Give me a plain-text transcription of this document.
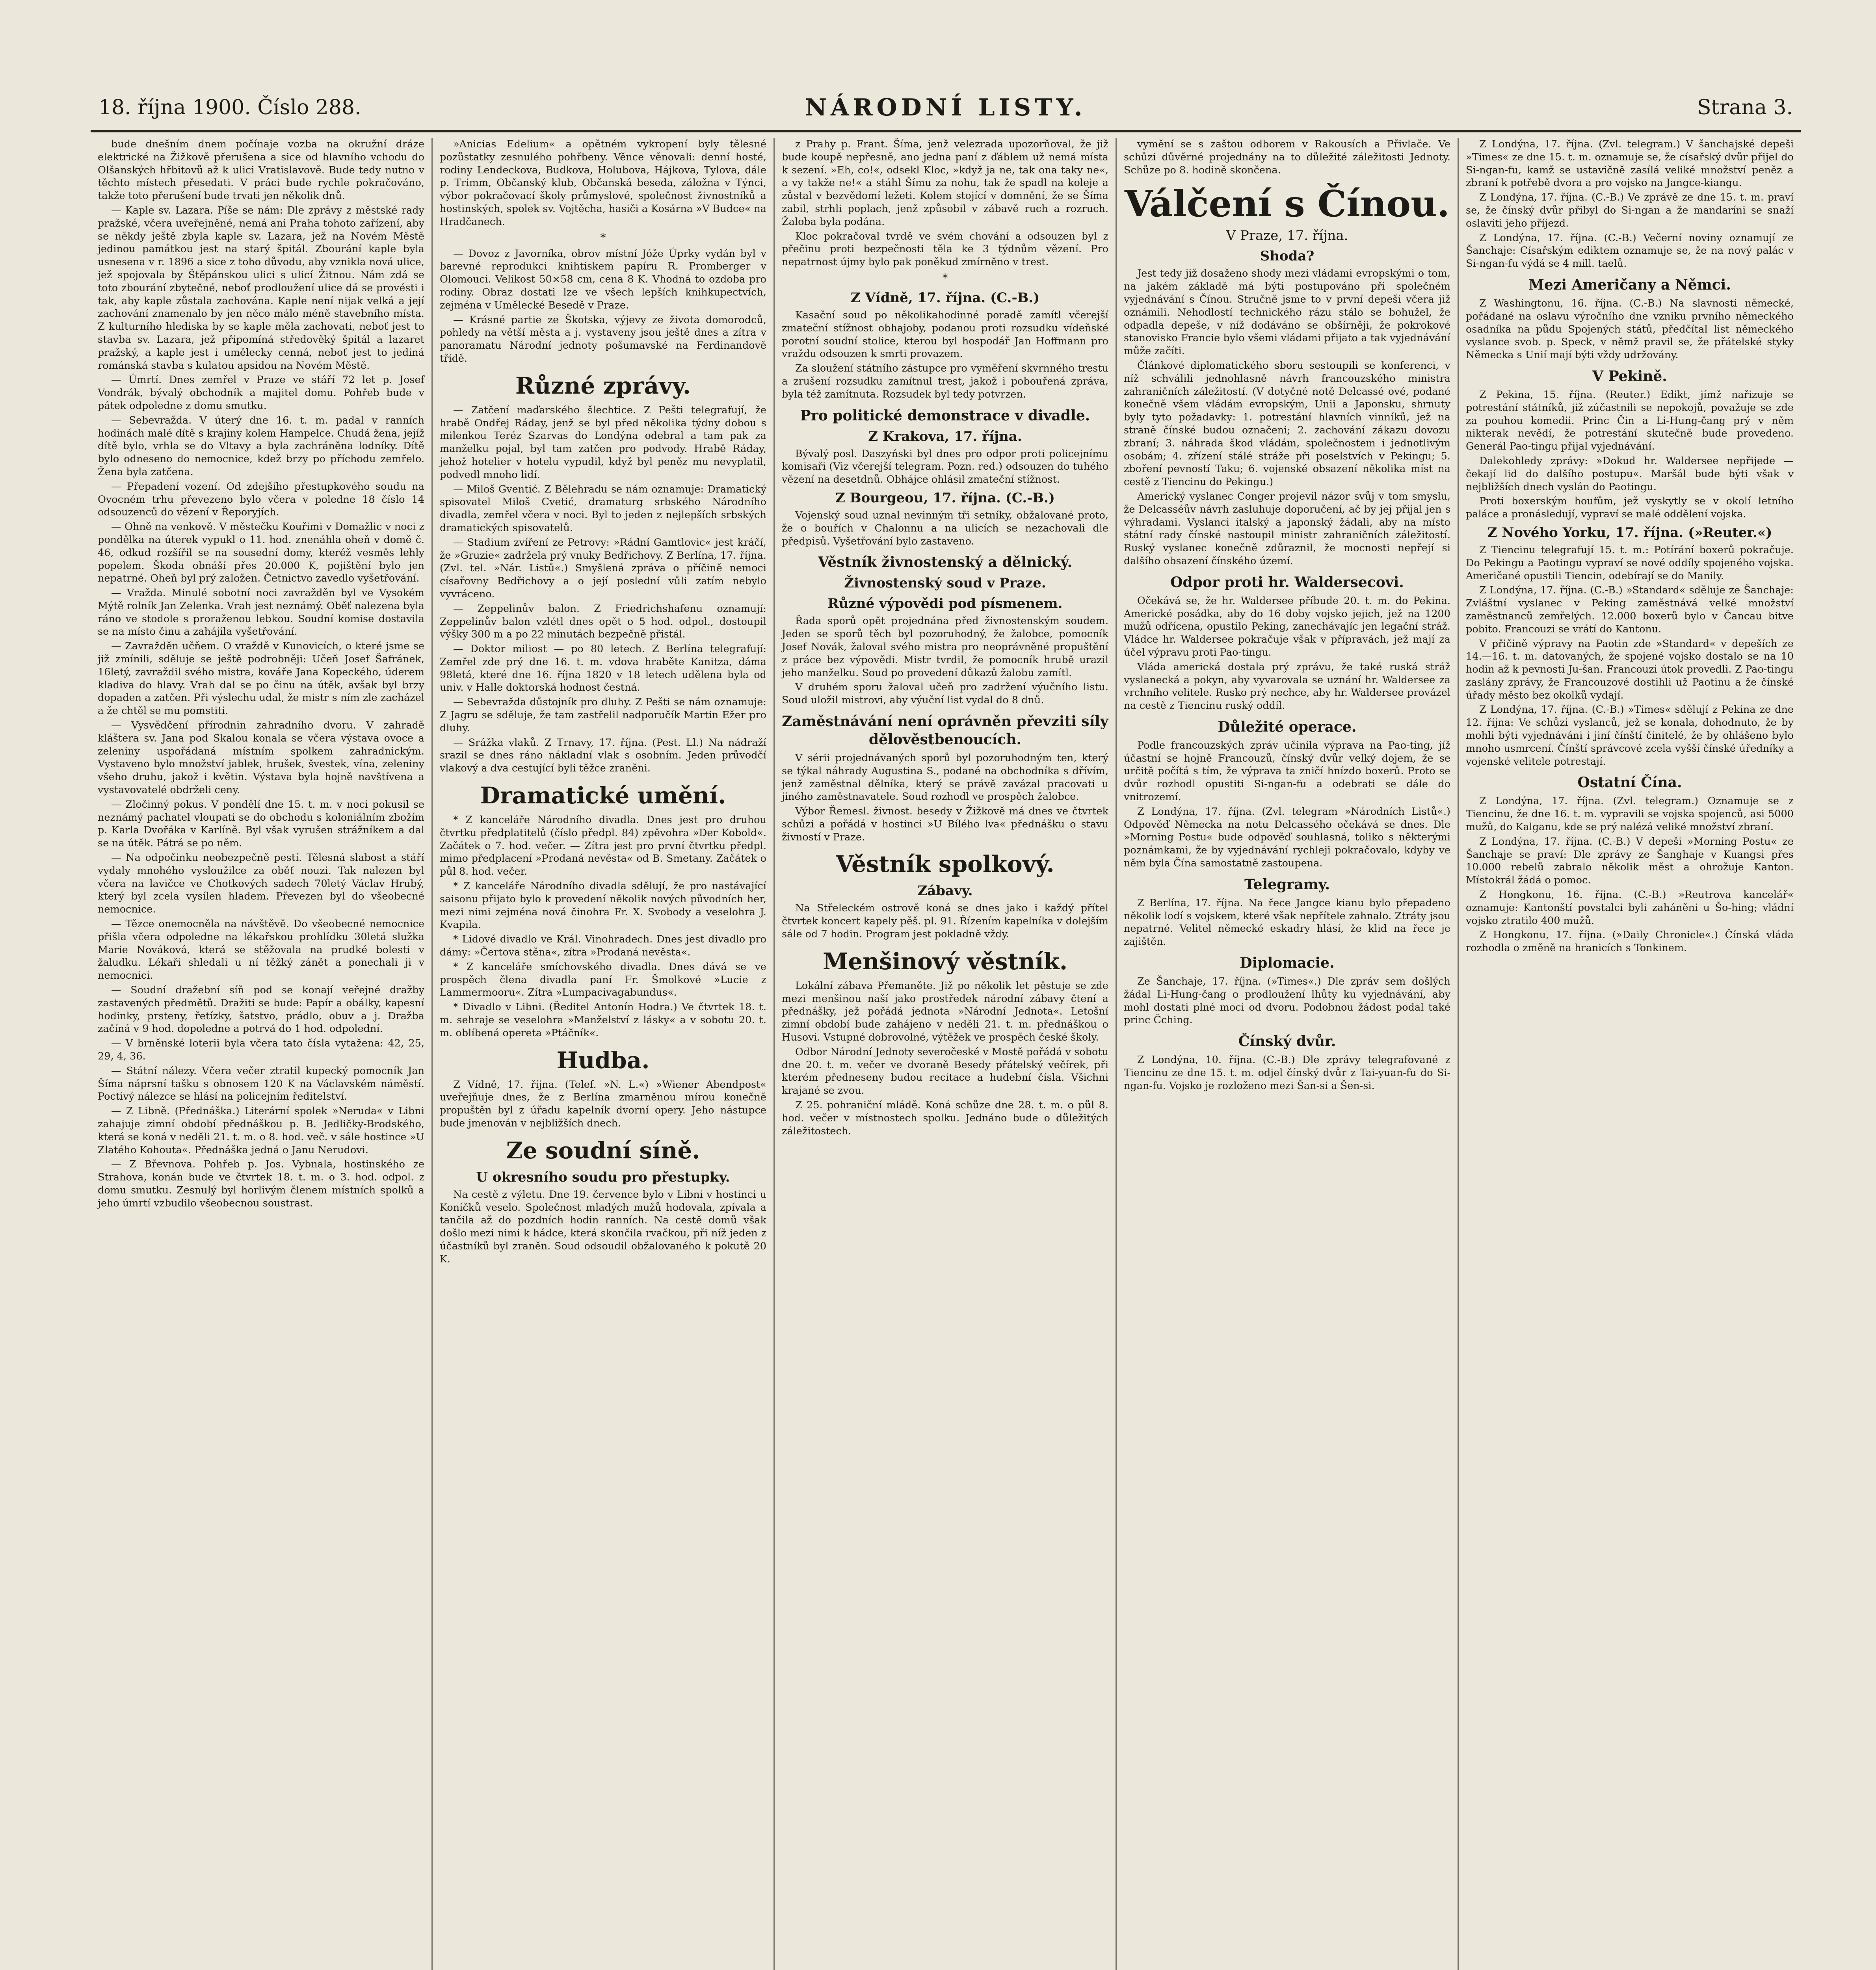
18. října 1900. Číslo 288.	NÁRODNÍ LISTY.	Strana 3.
bude dnešním dnem počínaje vozba na okružní dráze elektrické na Žižkově přerušena a sice od hlavního vchodu do Olšanských hřbitovů až k ulici Vratislavově. Bude tedy nutno v těchto místech přesedati. V práci bude rychle pokračováno, takže toto přerušení bude trvati jen několik dnů.
— Kaple sv. Lazara. Píše se nám: Dle zprávy z městské rady pražské, včera uveřejněné, nemá ani Praha tohoto zařízení, aby se někdy ještě zbyla kaple sv. Lazara, jež na Novém Městě jedinou památkou jest na starý špitál. Zbourání kaple byla usnesena v r. 1896 a sice z toho důvodu, aby vznikla nová ulice, jež spojovala by Štěpánskou ulici s ulicí Žitnou. Nám zdá se toto zbourání zbytečné, neboť prodloužení ulice dá se provésti i tak, aby kaple zůstala zachována. Kaple není nijak velká a její zachování znamenalo by jen něco málo méně stavebního místa. Z kulturního hlediska by se kaple měla zachovati, neboť jest to stavba sv. Lazara, jež připomíná středověký špitál a lazaret pražský, a kaple jest i umělecky cenná, neboť jest to jediná románská stavba s kulatou apsidou na Novém Městě.
— Úmrtí. Dnes zemřel v Praze ve stáří 72 let p. Josef Vondrák, bývalý obchodník a majitel domu. Pohřeb bude v pátek odpoledne z domu smutku.
— Sebevražda. V úterý dne 16. t. m. padal v ranních hodinách malé dítě s krajiny kolem Hampelce. Chudá žena, jejíž dítě bylo, vrhla se do Vltavy a byla zachráněna lodníky. Dítě bylo odneseno do nemocnice, kdež brzy po příchodu zemřelo. Žena byla zatčena.
— Přepadení vození. Od zdejšího přestupkového soudu na Ovocném trhu převezeno bylo včera v poledne 18 číslo 14 odsouzenců do vězení v Řeporyjích.
— Ohně na venkově. V městečku Kouřimi v Domažlic v noci z pondělka na úterek vypukl o 11. hod. znenáhla oheň v domě č. 46, odkud rozšířil se na sousední domy, kteréž vesměs lehly popelem. Škoda obnáší přes 20.000 K, pojištění bylo jen nepatrné. Oheň byl prý založen. Četnictvo zavedlo vyšetřování.
— Vražda. Minulé sobotní noci zavražděn byl ve Vysokém Mýtě rolník Jan Zelenka. Vrah jest neznámý. Oběť nalezena byla ráno ve stodole s proraženou lebkou. Soudní komise dostavila se na místo činu a zahájila vyšetřování.
— Zavražděn učňem. O vraždě v Kunovicích, o které jsme se již zmínili, sděluje se ještě podrobněji: Učeň Josef Šafránek, 16letý, zavraždil svého mistra, kováře Jana Kopeckého, úderem kladiva do hlavy. Vrah dal se po činu na útěk, avšak byl brzy dopaden a zatčen. Při výslechu udal, že mistr s ním zle zacházel a že chtěl se mu pomstiti.
— Vysvědčení přírodnin zahradního dvoru. V zahradě kláštera sv. Jana pod Skalou konala se včera výstava ovoce a zeleniny uspořádaná místním spolkem zahradnickým. Vystaveno bylo množství jablek, hrušek, švestek, vína, zeleniny všeho druhu, jakož i květin. Výstava byla hojně navštívena a vystavovatelé obdrželi ceny.
— Zločinný pokus. V pondělí dne 15. t. m. v noci pokusil se neznámý pachatel vloupati se do obchodu s koloniálním zbožím p. Karla Dvořáka v Karlíně. Byl však vyrušen strážníkem a dal se na útěk. Pátrá se po něm.
— Na odpočinku neobezpečně pestí. Tělesná slabost a stáří vydaly mnohého vysloužilce za oběť nouzi. Tak nalezen byl včera na lavičce ve Chotkových sadech 70letý Václav Hrubý, který byl zcela vysílen hladem. Převezen byl do všeobecné nemocnice.
— Tězce onemocněla na návštěvě. Do všeobecné nemocnice přišla včera odpoledne na lékařskou prohlídku 30letá služka Marie Nováková, která se stěžovala na prudké bolesti v žaludku. Lékaři shledali u ní těžký zánět a ponechali ji v nemocnici.
— Soudní dražební síň pod se konají veřejné dražby zastavených předmětů. Dražiti se bude: Papír a obálky, kapesní hodinky, prsteny, řetízky, šatstvo, prádlo, obuv a j. Dražba začíná v 9 hod. dopoledne a potrvá do 1 hod. odpolední.
— V brněnské loterii byla včera tato čísla vytažena: 42, 25, 29, 4, 36.
— Státní nálezy. Včera večer ztratil kupecký pomocník Jan Šíma náprsní tašku s obnosem 120 K na Václavském náměstí. Poctivý nálezce se hlásí na policejním ředitelství.
— Z Libně. (Přednáška.) Literární spolek »Neruda« v Libni zahajuje zimní období přednáškou p. B. Jedličky-Brodského, která se koná v neděli 21. t. m. o 8. hod. več. v sále hostince »U Zlatého Kohouta«. Přednáška jedná o Janu Nerudovi.
— Z Břevnova. Pohřeb p. Jos. Vybnala, hostinského ze Strahova, konán bude ve čtvrtek 18. t. m. o 3. hod. odpol. z domu smutku. Zesnulý byl horlivým členem místních spolků a jeho úmrtí vzbudilo všeobecnou soustrast.
»Anicias Edelium« a opětném vykropení byly tělesné pozůstatky zesnulého pohřbeny. Věnce věnovali: denní hosté, rodiny Lendeckova, Budkova, Holubova, Hájkova, Tylova, dále p. Trimm, Občanský klub, Občanská beseda, záložna v Týnci, výbor pokračovací školy průmyslové, společnost živnostníků a hostinských, spolek sv. Vojtěcha, hasiči a Kosárna »V Budce« na Hradčanech.
*
— Dovoz z Javorníka, obrov místní Jóže Úprky vydán byl v barevné reprodukci knihtiskem papíru R. Promberger v Olomouci. Velikost 50×58 cm, cena 8 K. Vhodná to ozdoba pro rodiny. Obraz dostati lze ve všech lepších knihkupectvích, zejména v Umělecké Besedě v Praze.
— Krásné partie ze Škotska, výjevy ze života domorodců, pohledy na větší města a j. vystaveny jsou ještě dnes a zítra v panoramatu Národní jednoty pošumavské na Ferdinandově třídě.
Různé zprávy.
— Zatčení maďarského šlechtice. Z Pešti telegrafují, že hrabě Ondřej Ráday, jenž se byl před několika týdny dobou s milenkou Teréz Szarvas do Londýna odebral a tam pak za manželku pojal, byl tam zatčen pro podvody. Hrabě Ráday, jehož hotelier v hotelu vypudil, když byl peněz mu nevyplatil, podvedl mnoho lidí.
— Miloš Gventić. Z Bělehradu se nám oznamuje: Dramatický spisovatel Miloš Cvetić, dramaturg srbského Národního divadla, zemřel včera v noci. Byl to jeden z nejlepších srbských dramatických spisovatelů.
— Stadium zvíření ze Petrovy: »Rádní Gamtlovic« jest kráčí, že »Gruzie« zadržela prý vnuky Bedřichovy. Z Berlína, 17. října. (Zvl. tel. »Nár. Listů«.) Smyšlená zpráva o příčině nemoci císařovny Bedřichovy a o její poslední vůli zatím nebylo vyvráceno.
— Zeppelinův balon. Z Friedrichshafenu oznamují: Zeppelinův balon vzlétl dnes opět o 5 hod. odpol., dostoupil výšky 300 m a po 22 minutách bezpečně přistál.
— Doktor miliost — po 80 letech. Z Berlína telegrafují: Zemřel zde prý dne 16. t. m. vdova hraběte Kanitza, dáma 98letá, které dne 16. října 1820 v 18 letech udělena byla od univ. v Halle doktorská hodnost čestná.
— Sebevražda důstojník pro dluhy. Z Pešti se nám oznamuje: Z Jagru se sděluje, že tam zastřelil nadporučík Martin Ežer pro dluhy.
— Srážka vlaků. Z Trnavy, 17. října. (Pest. Ll.) Na nádraží srazil se dnes ráno nákladní vlak s osobním. Jeden průvodčí vlakový a dva cestující byli těžce zraněni.
Dramatické umění.
* Z kanceláře Národního divadla. Dnes jest pro druhou čtvrtku předplatitelů (číslo předpl. 84) zpěvohra »Der Kobold«. Začátek o 7. hod. večer. — Zítra jest pro první čtvrtku předpl. mimo předplacení »Prodaná nevěsta« od B. Smetany. Začátek o půl 8. hod. večer.
* Z kanceláře Národního divadla sdělují, že pro nastávající saisonu přijato bylo k provedení několik nových původních her, mezi nimi zejména nová činohra Fr. X. Svobody a veselohra J. Kvapila.
* Lidové divadlo ve Král. Vinohradech. Dnes jest divadlo pro dámy: »Čertova stěna«, zítra »Prodaná nevěsta«.
* Z kanceláře smíchovského divadla. Dnes dává se ve prospěch člena divadla paní Fr. Šmolkové »Lucie z Lammermooru«. Zítra »Lumpacivagabundus«.
* Divadlo v Libni. (Ředitel Antonín Hodra.) Ve čtvrtek 18. t. m. sehraje se veselohra »Manželství z lásky« a v sobotu 20. t. m. oblíbená opereta »Ptáčník«.
Hudba.
Z Vídně, 17. října. (Telef. »N. L.«) »Wiener Abendpost« uveřejňuje dnes, že z Berlína zmarněnou mírou konečně propuštěn byl z úřadu kapelník dvorní opery. Jeho nástupce bude jmenován v nejbližších dnech.
Ze soudní síně.
U okresního soudu pro přestupky.
Na cestě z výletu. Dne 19. července bylo v Libni v hostinci u Koníčků veselo. Společnost mladých mužů hodovala, zpívala a tančila až do pozdních hodin ranních. Na cestě domů však došlo mezi nimi k hádce, která skončila rvačkou, při níž jeden z účastníků byl zraněn. Soud odsoudil obžalovaného k pokutě 20 K.
z Prahy p. Frant. Šíma, jenž velezrada upozorňoval, že již bude koupě nepřesně, ano jedna paní z ďáblem už nemá místa k sezení. »Eh, co!«, odsekl Kloc, »když ja ne, tak ona taky ne«, a vy takže ne!« a stáhl Šímu za nohu, tak že spadl na koleje a zůstal v bezvědomí ležeti. Kolem stojící v domnění, že se Šíma zabil, strhli poplach, jenž způsobil v zábavě ruch a rozruch. Žaloba byla podána.
Kloc pokračoval tvrdě ve svém chování a odsouzen byl z přečinu proti bezpečnosti těla ke 3 týdnům vězení. Pro nepatrnost újmy bylo pak poněkud zmírněno v trest.
*
Z Vídně, 17. října. (C.-B.)
Kasační soud po několikahodinné poradě zamítl včerejší zmateční stížnost obhajoby, podanou proti rozsudku vídeňské porotní soudní stolice, kterou byl hospodář Jan Hoffmann pro vraždu odsouzen k smrti provazem.
Za sloužení státního zástupce pro vyměření skvrnného trestu a zrušení rozsudku zamítnul trest, jakož i pobouřená zpráva, byla též zamítnuta. Rozsudek byl tedy potvrzen.
Pro politické demonstrace v divadle.
Z Krakova, 17. října.
Bývalý posl. Daszyński byl dnes pro odpor proti policejnímu komisaři (Viz včerejší telegram. Pozn. red.) odsouzen do tuhého vězení na desetdnů. Obhájce ohlásil zmateční stížnost.
Z Bourgeou, 17. října. (C.-B.)
Vojenský soud uznal nevinným tři setníky, obžalované proto, že o bouřích v Chalonnu a na ulicích se nezachovali dle předpisů. Vyšetřování bylo zastaveno.
Věstník živnostenský a dělnický.
Živnostenský soud v Praze.
Různé výpovědi pod písmenem.
Řada sporů opět projednána před živnostenským soudem. Jeden se sporů těch byl pozoruhodný, že žalobce, pomocník Josef Novák, žaloval svého mistra pro neoprávněné propuštění z práce bez výpovědi. Mistr tvrdil, že pomocník hrubě urazil jeho manželku. Soud po provedení důkazů žalobu zamítl.
V druhém sporu žaloval učeň pro zadržení výučního listu. Soud uložil mistrovi, aby výuční list vydal do 8 dnů.
Zaměstnávání není oprávněn převziti síly dělověstbenoucích.
V sérii projednávaných sporů byl pozoruhodným ten, který se týkal náhrady Augustina S., podané na obchodníka s dřívím, jenž zaměstnal dělníka, který se právě zavázal pracovati u jiného zaměstnavatele. Soud rozhodl ve prospěch žalobce.
Výbor Řemesl. živnost. besedy v Žižkově má dnes ve čtvrtek schůzi a pořádá v hostinci »U Bílého lva« přednášku o stavu živností v Praze.
Věstník spolkový.
Zábavy.
Na Střeleckém ostrově koná se dnes jako i každý přítel čtvrtek koncert kapely pěš. pl. 91. Řízením kapelníka v dolejším sále od 7 hodin. Program jest pokladně vždy.
Menšinový věstník.
Lokální zábava Přemaněte. Již po několik let pěstuje se zde mezi menšinou naší jako prostředek národní zábavy čtení a přednášky, jež pořádá jednota »Národní Jednota«. Letošní zimní období bude zahájeno v neděli 21. t. m. přednáškou o Husovi. Vstupné dobrovolné, výtěžek ve prospěch české školy.
Odbor Národní Jednoty severočeské v Mostě pořádá v sobotu dne 20. t. m. večer ve dvoraně Besedy přátelský večírek, při kterém předneseny budou recitace a hudební čísla. Všichni krajané se zvou.
Z 25. pohraniční mládě. Koná schůze dne 28. t. m. o půl 8. hod. večer v místnostech spolku. Jednáno bude o důležitých záležitostech.
vymění se s zaštou odborem v Rakousích a Přivlače. Ve schůzi důvěrné projednány na to důležité záležitosti Jednoty. Schůze po 8. hodině skončena.
Válčení s Čínou.
V Praze, 17. října.
Shoda?
Jest tedy již dosaženo shody mezi vládami evropskými o tom, na jakém základě má býti postupováno při společném vyjednávání s Čínou. Stručně jsme to v první depeši včera již oznámili. Nehodlostí technického rázu stálo se bohužel, že odpadla depeše, v níž dodáváno se obšírněji, že pokrokové stanovisko Francie bylo všemi vládami přijato a tak vyjednávání může začíti.
Článkové diplomatického sboru sestoupili se konferenci, v níž schválili jednohlasně návrh francouzského ministra zahraničních záležitostí. (V dotyčné notě Delcassé ové, podané konečně všem vládám evropským, Unii a Japonsku, shrnuty byly tyto požadavky: 1. potrestání hlavních vinníků, jež na straně čínské budou označeni; 2. zachování zákazu dovozu zbraní; 3. náhrada škod vládám, společnostem i jednotlivým osobám; 4. zřízení stálé stráže při poselstvích v Pekingu; 5. zboření pevností Taku; 6. vojenské obsazení několika míst na cestě z Tiencinu do Pekingu.)
Americký vyslanec Conger projevil názor svůj v tom smyslu, že Delcasséův návrh zasluhuje doporučení, ač by jej přijal jen s výhradami. Vyslanci italský a japonský žádali, aby na místo státní rady čínské nastoupil ministr zahraničních záležitostí. Ruský vyslanec konečně zdůraznil, že mocnosti nepřejí si dalšího obsazení čínského území.
Odpor proti hr. Waldersecovi.
Očekává se, že hr. Waldersee příbude 20. t. m. do Pekina. Americké posádka, aby do 16 doby vojsko jejich, jež na 1200 mužů odřícena, opustilo Peking, zanechávajíc jen legační stráž. Vládce hr. Waldersee pokračuje však v přípravách, jež mají za účel výpravu proti Pao-tingu.
Vláda americká dostala prý zprávu, že také ruská stráž vyslanecká a pokyn, aby vyvarovala se uznání hr. Waldersee za vrchního velitele. Rusko prý nechce, aby hr. Waldersee provázel na cestě z Tiencinu ruský oddíl.
Důležité operace.
Podle francouzských zpráv učinila výprava na Pao-ting, jíž účastní se hojně Francouzů, čínský dvůr velký dojem, že se určitě počítá s tím, že výprava ta zničí hnízdo boxerů. Proto se dvůr rozhodl opustiti Si-ngan-fu a odebrati se dále do vnitrozemí.
Z Londýna, 17. října. (Zvl. telegram »Národních Listů«.) Odpověď Německa na notu Delcassého očekává se dnes. Dle »Morning Postu« bude odpověď souhlasná, toliko s některými poznámkami, že by vyjednávání rychleji pokračovalo, kdyby ve něm byla Čína samostatně zastoupena.
Telegramy.
Z Berlína, 17. října. Na řece Jangce kianu bylo přepadeno několik lodí s vojskem, které však nepřítele zahnalo. Ztráty jsou nepatrné. Velitel německé eskadry hlásí, že klid na řece je zajištěn.
Diplomacie.
Ze Šanchaje, 17. října. (»Times«.) Dle zpráv sem došlých žádal Li-Hung-čang o prodloužení lhůty ku vyjednávání, aby mohl dostati plné moci od dvoru. Podobnou žádost podal také princ Čching.
Čínský dvůr.
Z Londýna, 10. října. (C.-B.) Dle zprávy telegrafované z Tiencinu ze dne 15. t. m. odjel čínský dvůr z Tai-yuan-fu do Si-ngan-fu. Vojsko je rozloženo mezi Šan-si a Šen-si.
Z Londýna, 17. října. (Zvl. telegram.) V šanchajské depeši »Times« ze dne 15. t. m. oznamuje se, že císařský dvůr přijel do Si-ngan-fu, kamž se ustavičně zasílá veliké množství peněz a zbraní k potřebě dvora a pro vojsko na Jangce-kiangu.
Z Londýna, 17. října. (C.-B.) Ve zprávě ze dne 15. t. m. praví se, že čínský dvůr přibyl do Si-ngan a že mandaríni se snaží oslaviti jeho příjezd.
Z Londýna, 17. října. (C.-B.) Večerní noviny oznamují ze Šanchaje: Císařským ediktem oznamuje se, že na nový palác v Si-ngan-fu výdá se 4 mill. taelů.
Mezi Američany a Němci.
Z Washingtonu, 16. října. (C.-B.) Na slavnosti německé, pořádané na oslavu výročního dne vzniku prvního německého osadníka na půdu Spojených států, předčítal list německého vyslance svob. p. Speck, v němž pravil se, že přátelské styky Německa s Unií mají býti vždy udržovány.
V Pekině.
Z Pekina, 15. října. (Reuter.) Edikt, jímž nařizuje se potrestání státníků, již zúčastnili se nepokojů, považuje se zde za pouhou komedii. Princ Čin a Li-Hung-čang prý v něm nikterak nevědí, že potrestání skutečně bude provedeno. Generál Pao-tingu přijal vyjednávání.
Dalekohledy zprávy: »Dokud hr. Waldersee nepřijede — čekají lid do dalšího postupu«. Maršál bude býti však v nejbližších dnech vyslán do Paotingu.
Proti boxerským houfům, jež vyskytly se v okolí letního paláce a pronásledují, vypraví se malé oddělení vojska.
Z Nového Yorku, 17. října. (»Reuter.«)
Z Tiencinu telegrafují 15. t. m.: Potírání boxerů pokračuje. Do Pekingu a Paotingu vypraví se nové oddíly spojeného vojska. Američané opustili Tiencin, odebírají se do Manily.
Z Londýna, 17. října. (C.-B.) »Standard« sděluje ze Šanchaje: Zvláštní vyslanec v Peking zaměstnává velké množství zaměstnanců zemřelých. 12.000 boxerů bylo v Čancau bitve pobito. Francouzi se vrátí do Kantonu.
V přičině výpravy na Paotin zde »Standard« v depeších ze 14.—16. t. m. datovaných, že spojené vojsko dostalo se na 10 hodin až k pevnosti Ju-šan. Francouzi útok provedli. Z Pao-tingu zaslány zprávy, že Francouzové dostihli už Paotinu a že čínské úřady město bez okolků vydají.
Z Londýna, 17. října. (C.-B.) »Times« sdělují z Pekina ze dne 12. října: Ve schůzi vyslanců, jež se konala, dohodnuto, že by mohli býti vyjednáváni i jiní čínští činitelé, že by ohlášeno bylo mnoho usmrcení. Čínští správcové zcela vyšší čínské úředníky a vojenské velitele potrestají.
Ostatní Čína.
Z Londýna, 17. října. (Zvl. telegram.) Oznamuje se z Tiencinu, že dne 16. t. m. vypravili se vojska spojenců, asi 5000 mužů, do Kalganu, kde se prý nalézá veliké množství zbraní.
Z Londýna, 17. října. (C.-B.) V depeši »Morning Postu« ze Šanchaje se praví: Dle zprávy ze Šanghaje v Kuangsi přes 10.000 rebelů zabralo několik měst a ohrožuje Kanton. Místokrál žádá o pomoc.
Z Hongkonu, 16. října. (C.-B.) »Reutrova kancelář« oznamuje: Kantonští povstalci byli zaháněni u Šo-hing; vládní vojsko ztratilo 400 mužů.
Z Hongkonu, 17. října. (»Daily Chronicle«.) Čínská vláda rozhodla o změně na hranicích s Tonkinem.
